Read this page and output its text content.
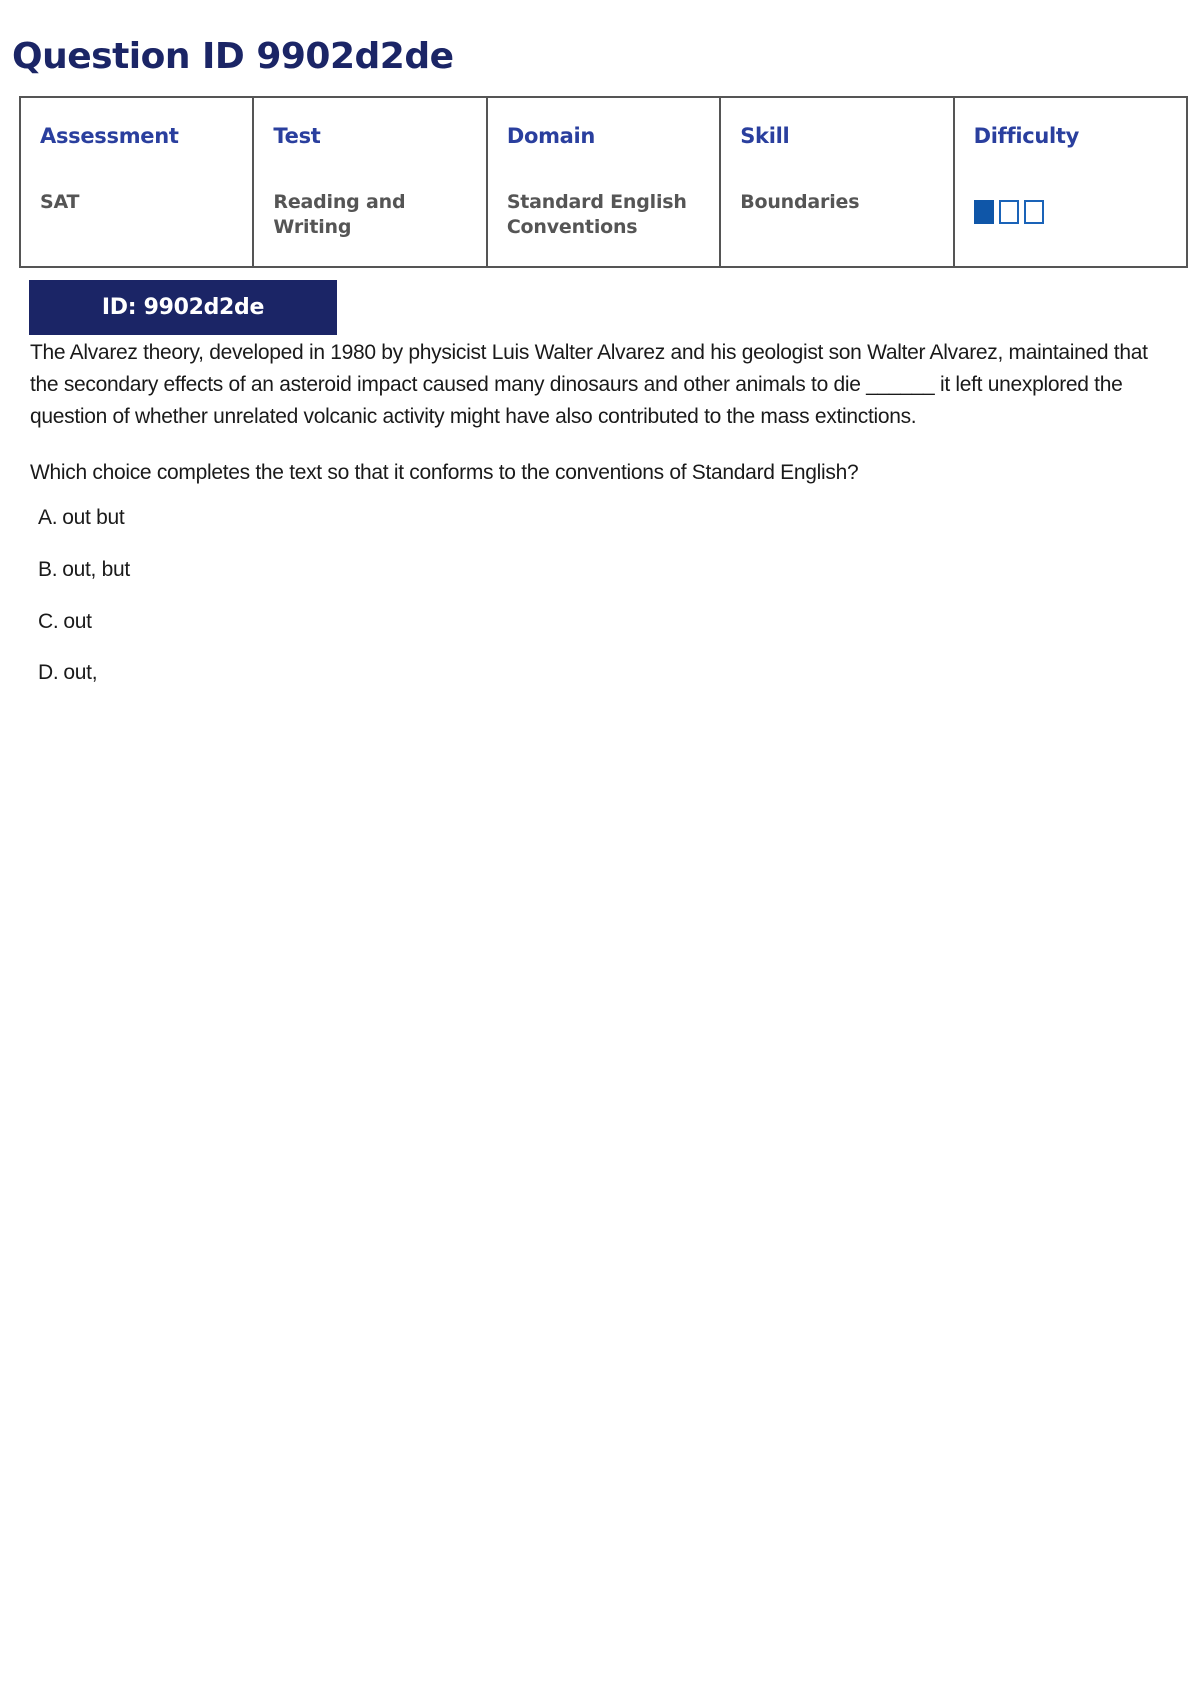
Question ID 9902d2de
Assessment
SAT
Test
Reading and Writing
Domain
Standard English Conventions
Skill
Boundaries
Difficulty
ID: 9902d2de

The Alvarez theory, developed in 1980 by physicist Luis Walter Alvarez and his geologist son Walter Alvarez, maintained that the secondary effects of an asteroid impact caused many dinosaurs and other animals to die ______ it left unexplored the question of whether unrelated volcanic activity might have also contributed to the mass extinctions.

Which choice completes the text so that it conforms to the conventions of Standard English?

A. out but
B. out, but
C. out
D. out,
